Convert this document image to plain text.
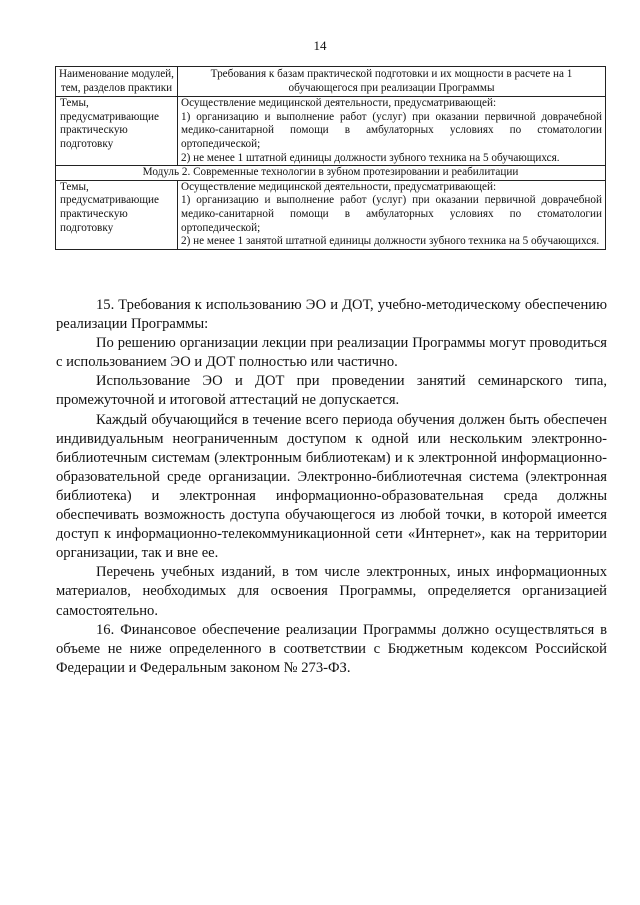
14
Наименование модулей, тем, разделов практики	Требования к базам практической подготовки и их мощности в расчете на 1 обучающегося при реализации Программы
Темы, предусматривающие практическую подготовку	Осуществление медицинской деятельности, предусматривающей:
1) организацию и выполнение работ (услуг) при оказании первичной доврачебной медико-санитарной помощи в амбулаторных условиях по стоматологии ортопедической;
2) не менее 1 штатной единицы должности зубного техника на 5 обучающихся.

Модуль 2. Современные технологии в зубном протезировании и реабилитации	
Темы, предусматривающие практическую подготовку	Осуществление медицинской деятельности, предусматривающей:
1) организацию и выполнение работ (услуг) при оказании первичной доврачебной медико-санитарной помощи в амбулаторных условиях по стоматологии ортопедической;
2) не менее 1 занятой штатной единицы должности зубного техника на 5 обучающихся.

15. Требования к использованию ЭО и ДОТ, учебно-методическому обеспечению реализации Программы:

По решению организации лекции при реализации Программы могут проводиться с использованием ЭО и ДОТ полностью или частично.

Использование ЭО и ДОТ при проведении занятий семинарского типа, промежуточной и итоговой аттестаций не допускается.

Каждый обучающийся в течение всего периода обучения должен быть обеспечен индивидуальным неограниченным доступом к одной или нескольким электронно-библиотечным системам (электронным библиотекам) и к электронной информационно-образовательной среде организации. Электронно-библиотечная система (электронная библиотека) и электронная информационно-образовательная среда должны обеспечивать возможность доступа обучающегося из любой точки, в которой имеется доступ к информационно-телекоммуникационной сети «Интернет», как на территории организации, так и вне ее.

Перечень учебных изданий, в том числе электронных, иных информационных материалов, необходимых для освоения Программы, определяется организацией самостоятельно.

16. Финансовое обеспечение реализации Программы должно осуществляться в объеме не ниже определенного в соответствии с Бюджетным кодексом Российской Федерации и Федеральным законом № 273-ФЗ.
